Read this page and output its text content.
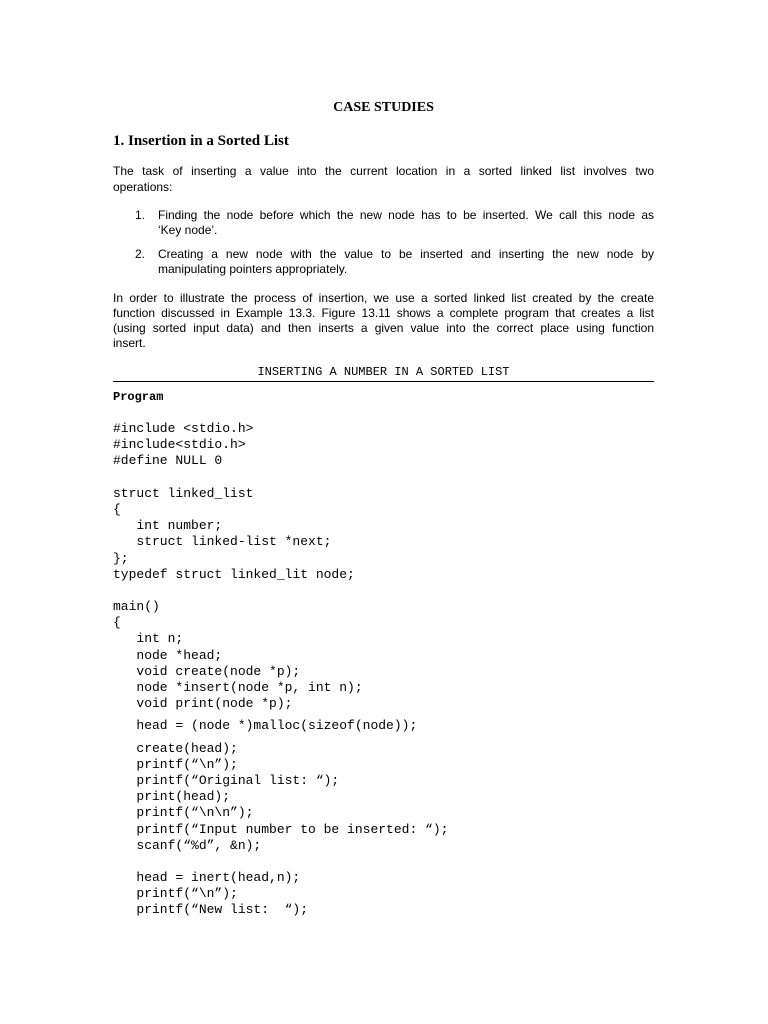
CASE STUDIES
1. Insertion in a Sorted List
The task of inserting a value into the current location in a sorted linked list involves two
operations:
1. Finding the node before which the new node has to be inserted. We call this node as
‘Key node’.
2. Creating a new node with the value to be inserted and inserting the new node by
manipulating pointers appropriately.
In order to illustrate the process of insertion, we use a sorted linked list created by the create
function discussed in Example 13.3. Figure 13.11 shows a complete program that creates a list
(using sorted input data) and then inserts a given value into the correct place using function
insert.
INSERTING A NUMBER IN A SORTED LIST
Program
#include <stdio.h>
#include<stdio.h>
#define NULL 0
struct linked_list
{
int number;
struct linked-list *next;
};
typedef struct linked_lit node;
main()
{
int n;
node *head;
void create(node *p);
node *insert(node *p, int n);
void print(node *p);
head = (node *)malloc(sizeof(node));
create(head);
printf(“\n”);
printf(“Original list: “);
print(head);
printf(“\n\n”);
printf(“Input number to be inserted: “);
scanf(“%d”, &n);
head = inert(head,n);
printf(“\n”);
printf(“New list:  “);
